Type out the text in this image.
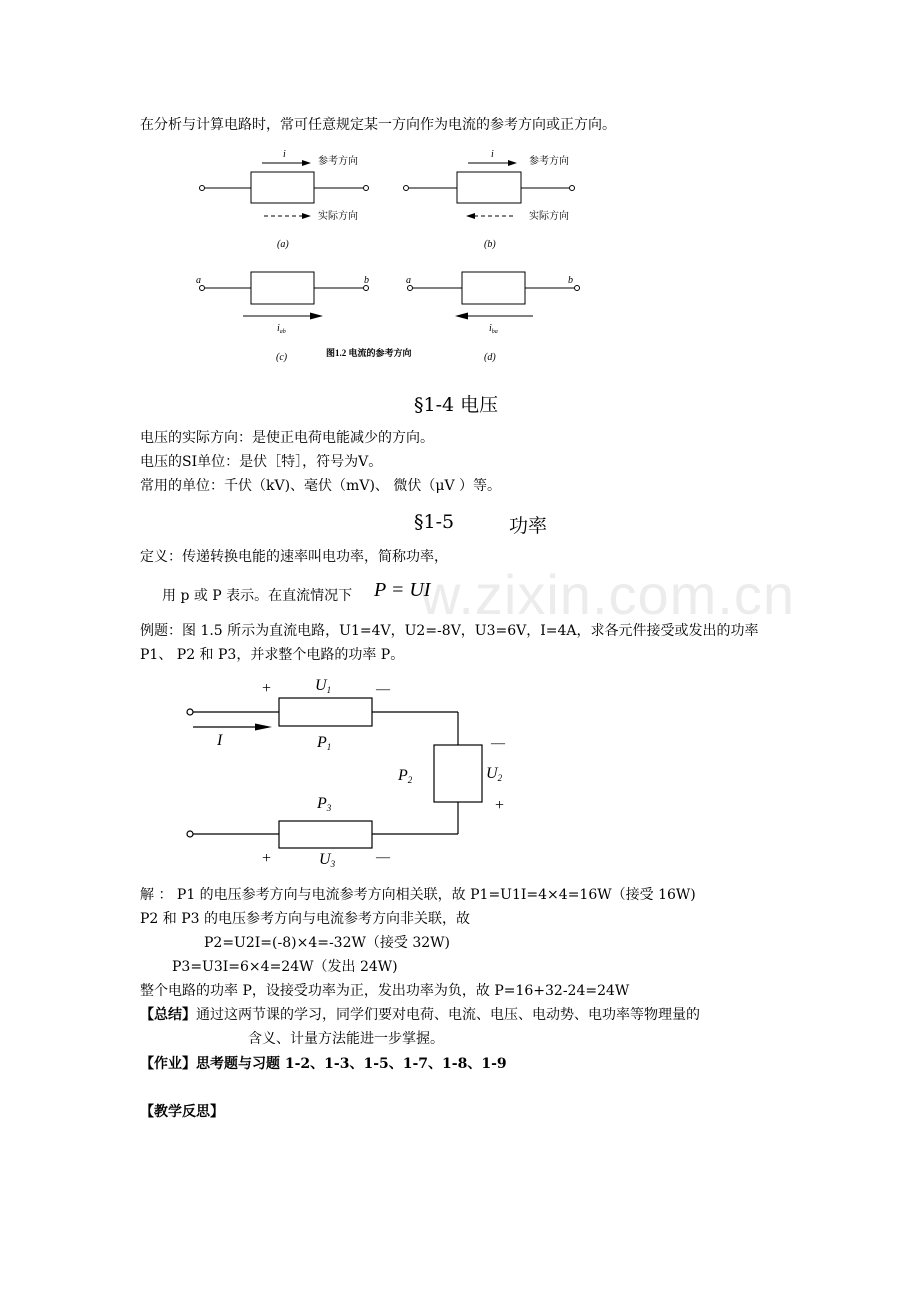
w.zixin.com.cn
在分析与计算电路时，常可任意规定某一方向作为电流的参考方向或正方向。
i
参考方向
实际方向
i
参考方向
实际方向
(a)	(b)
a	b	a	b
$i_{ab}$	$i_{ba}$
(c)	(d)
图1.2 电流的参考方向
§1-4 电压
电压的实际方向：是使正电荷电能减少的方向。
电压的SI单位：是伏［特］，符号为V。
常用的单位：千伏（kV)、毫伏（mV)、 微伏（μV ）等。
§1-5	功率
定义：传递转换电能的速率叫电功率，简称功率，
用 p 或 P 表示。在直流情况下 P = UI
例题：图 1.5 所示为直流电路，U1=4V，U2=-8V，U3=6V，I=4A，求各元件接受或发出的功率
P1、 P2 和 P3，并求整个电路的功率 P。
+	—
U1
I	P1	—
P2	U2
+
P3
+	—
U3
解 ： P1 的电压参考方向与电流参考方向相关联，故 P1=U1I=4×4=16W（接受 16W)
P2 和 P3 的电压参考方向与电流参考方向非关联，故
P2=U2I=(-8)×4=-32W（接受 32W)
P3=U3I=6×4=24W（发出 24W)
整个电路的功率 P，设接受功率为正，发出功率为负，故 P=16+32-24=24W
【总结】通过这两节课的学习，同学们要对电荷、电流、电压、电动势、电功率等物理量的
含义、计量方法能进一步掌握。
【作业】思考题与习题 1-2、1-3、1-5、1-7、1-8、1-9
【教学反思】
